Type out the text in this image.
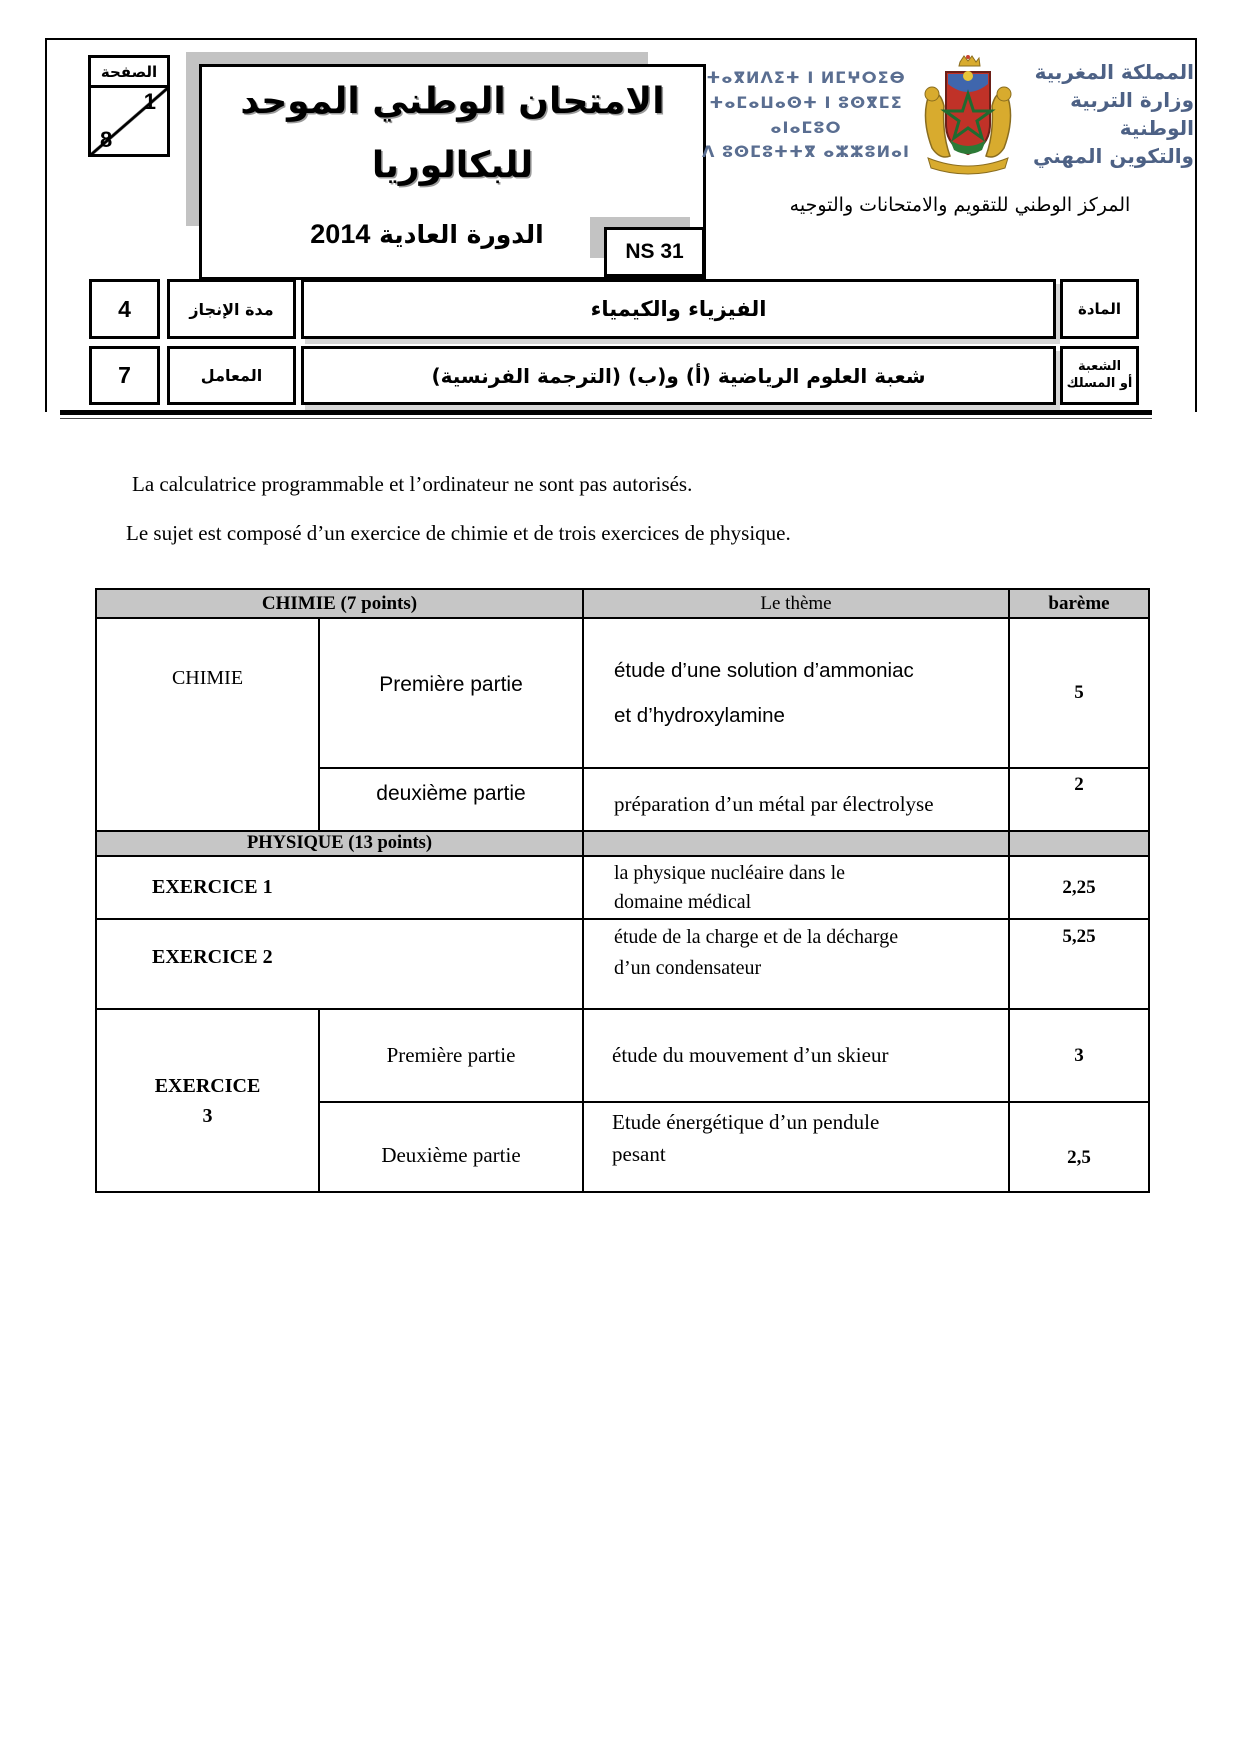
الصفحة
1
8
الامتحان الوطني الموحد
للبكالوريا
الدورة العادية 2014
NS 31
ⵜⴰⴳⵍⴷⵉⵜ ⵏ ⵍⵎⵖⵔⵉⴱ
ⵜⴰⵎⴰⵡⴰⵙⵜ ⵏ ⵓⵙⴳⵎⵉ ⴰⵏⴰⵎⵓⵔ
ⴷ ⵓⵙⵎⵓⵜⵜⴳ ⴰⵣⵣⵓⵍⴰⵏ
المملكة المغربية
وزارة التربية الوطنية
والتكوين المهني
المركز الوطني للتقويم والامتحانات والتوجيه
4	مدة الإنجاز	الفيزياء والكيمياء	المادة
7	المعامل	شعبة العلوم الرياضية (أ) و(ب) (الترجمة الفرنسية)	الشعبة
أو المسلك
La calculatrice programmable et l’ordinateur ne sont pas autorisés.
Le sujet est composé d’un exercice de chimie et de trois exercices de physique.
CHIMIE (7 points)		Le thème	barème
CHIMIE	Première partie	étude d’une solution d’ammoniac
et d’hydroxylamine	5
	deuxième partie	préparation d’un métal par électrolyse	2
PHYSIQUE (13 points)			
EXERCICE 1		la physique nucléaire dans le
domaine médical	2,25
EXERCICE 2		étude de la charge et de la décharge
d’un condensateur	5,25

EXERCICE
3	Première partie	étude du mouvement d’un skieur	3
	Deuxième partie	Etude énergétique d’un pendule
pesant	2,5
